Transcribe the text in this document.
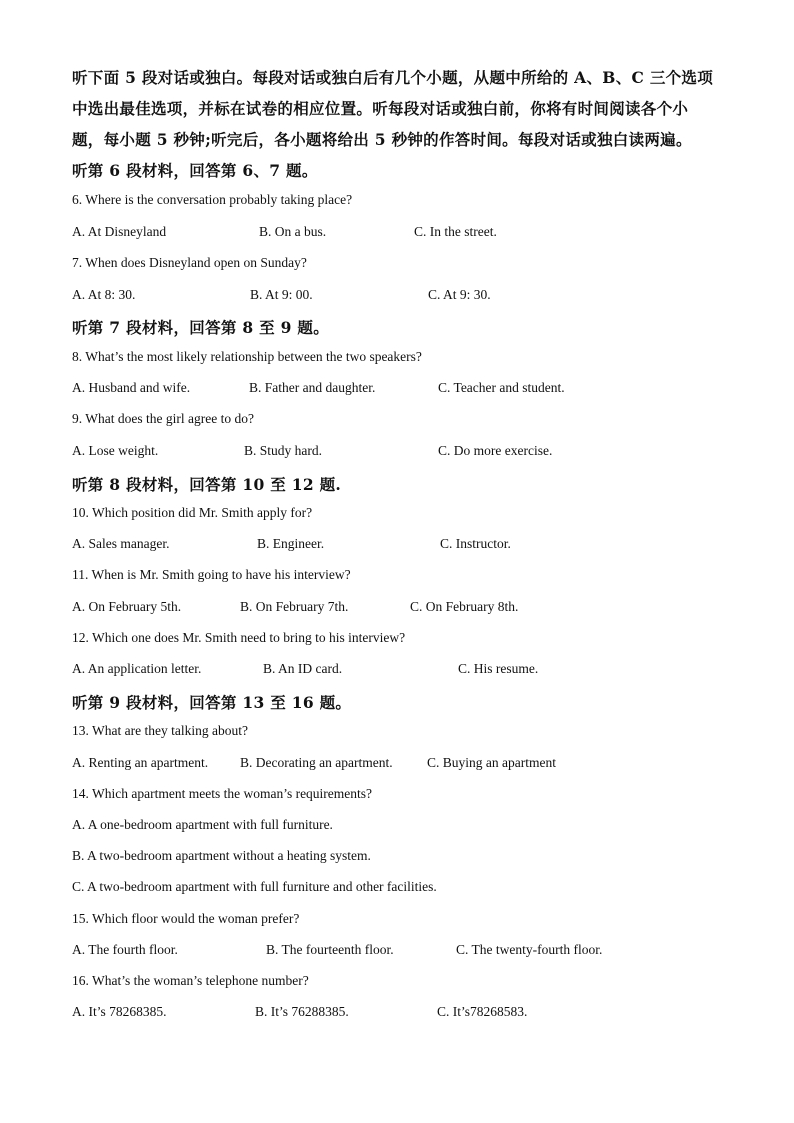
听下面 5 段对话或独白。每段对话或独白后有几个小题，从题中所给的 A、B、C 三个选项
中选出最佳选项，并标在试卷的相应位置。听每段对话或独白前，你将有时间阅读各个小
题，每小题 5 秒钟;听完后，各小题将给出 5 秒钟的作答时间。每段对话或独白读两遍。
听第 6 段材料，回答第 6、7 题。
6. Where is the conversation probably taking place?
A. At Disneyland	B. On a bus.	C. In the street.
7. When does Disneyland open on Sunday?
A. At 8: 30.	B. At 9: 00.	C. At 9: 30.
听第 7 段材料，回答第 8 至 9 题。
8. What’s the most likely relationship between the two speakers?
A. Husband and wife.	B. Father and daughter.	C. Teacher and student.
9. What does the girl agree to do?
A. Lose weight.	B. Study hard.	C. Do more exercise.
听第 8 段材料，回答第 10 至 12 题.
10. Which position did Mr. Smith apply for?
A. Sales manager.	B. Engineer.	C. Instructor.
11. When is Mr. Smith going to have his interview?
A. On February 5th.	B. On February 7th.	C. On February 8th.
12. Which one does Mr. Smith need to bring to his interview?
A. An application letter.	B. An ID card.	C. His resume.
听第 9 段材料，回答第 13 至 16 题。
13. What are they talking about?
A. Renting an apartment. B. Decorating an apartment.	C. Buying an apartment
14. Which apartment meets the woman’s requirements?
A. A one-bedroom apartment with full furniture.
B. A two-bedroom apartment without a heating system.
C. A two-bedroom apartment with full furniture and other facilities.
15. Which floor would the woman prefer?
A. The fourth floor.	B. The fourteenth floor.	C. The twenty-fourth floor.
16. What’s the woman’s telephone number?
A. It’s 78268385.	B. It’s 76288385.	C. It’s78268583.
